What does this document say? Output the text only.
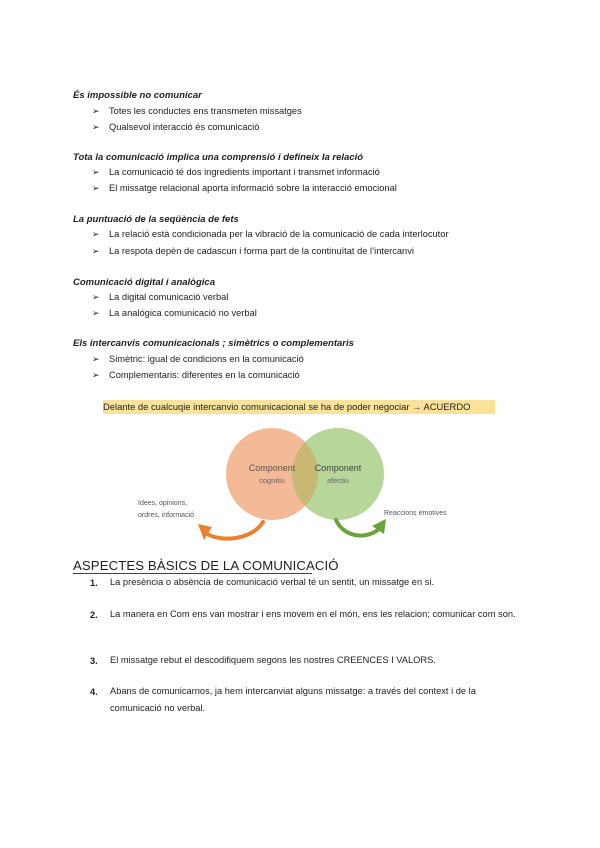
És impossible no comunicar
➢ Totes les conductes ens transmeten missatges
➢ Qualsevol interacció és comunicació
Tota la comunicació implica una comprensió i defineix la relació
➢ La comunicació té dos ingredients important i transmet informació
➢ El missatge relacional aporta informació sobre la interacció emocional
La puntuació de la seqüència de fets
➢ La relació està condicionada per la vibració de la comunicació de cada interlocutor
➢ La respota depèn de cadascun i forma part de la continuïtat de l’intercanvi
Comunicació digital i analògica
➢ La digital comunicació verbal
➢ La analógica comunicació no verbal
Els intercanvis comunicacionals ; simètrics o complementaris
➢ Simètric: igual de condicions en la comunicació
➢ Complementaris: diferentes en la comunicació
Delante de cualcuqie intercanvio comunicacional se ha de poder negociar → ACUERDO
Component
cognitiu
Component
afectiu
Idees, opinions,
ordres, informació	Reaccions emotives
ASPECTES BÀSICS DE LA COMUNICACIÓ
1. La presència o absència de comunicació verbal té un sentit, un missatge en si.
2. La manera en Com ens van mostrar i ens movem en el món, ens les relacion; comunicar com son.
3. El missatge rebut el descodifiquem segons les nostres CREENCES I VALORS.
4. Abans de comunicarnos, ja hem intercanviat alguns missatge: a través del context i de la comunicació no verbal.
